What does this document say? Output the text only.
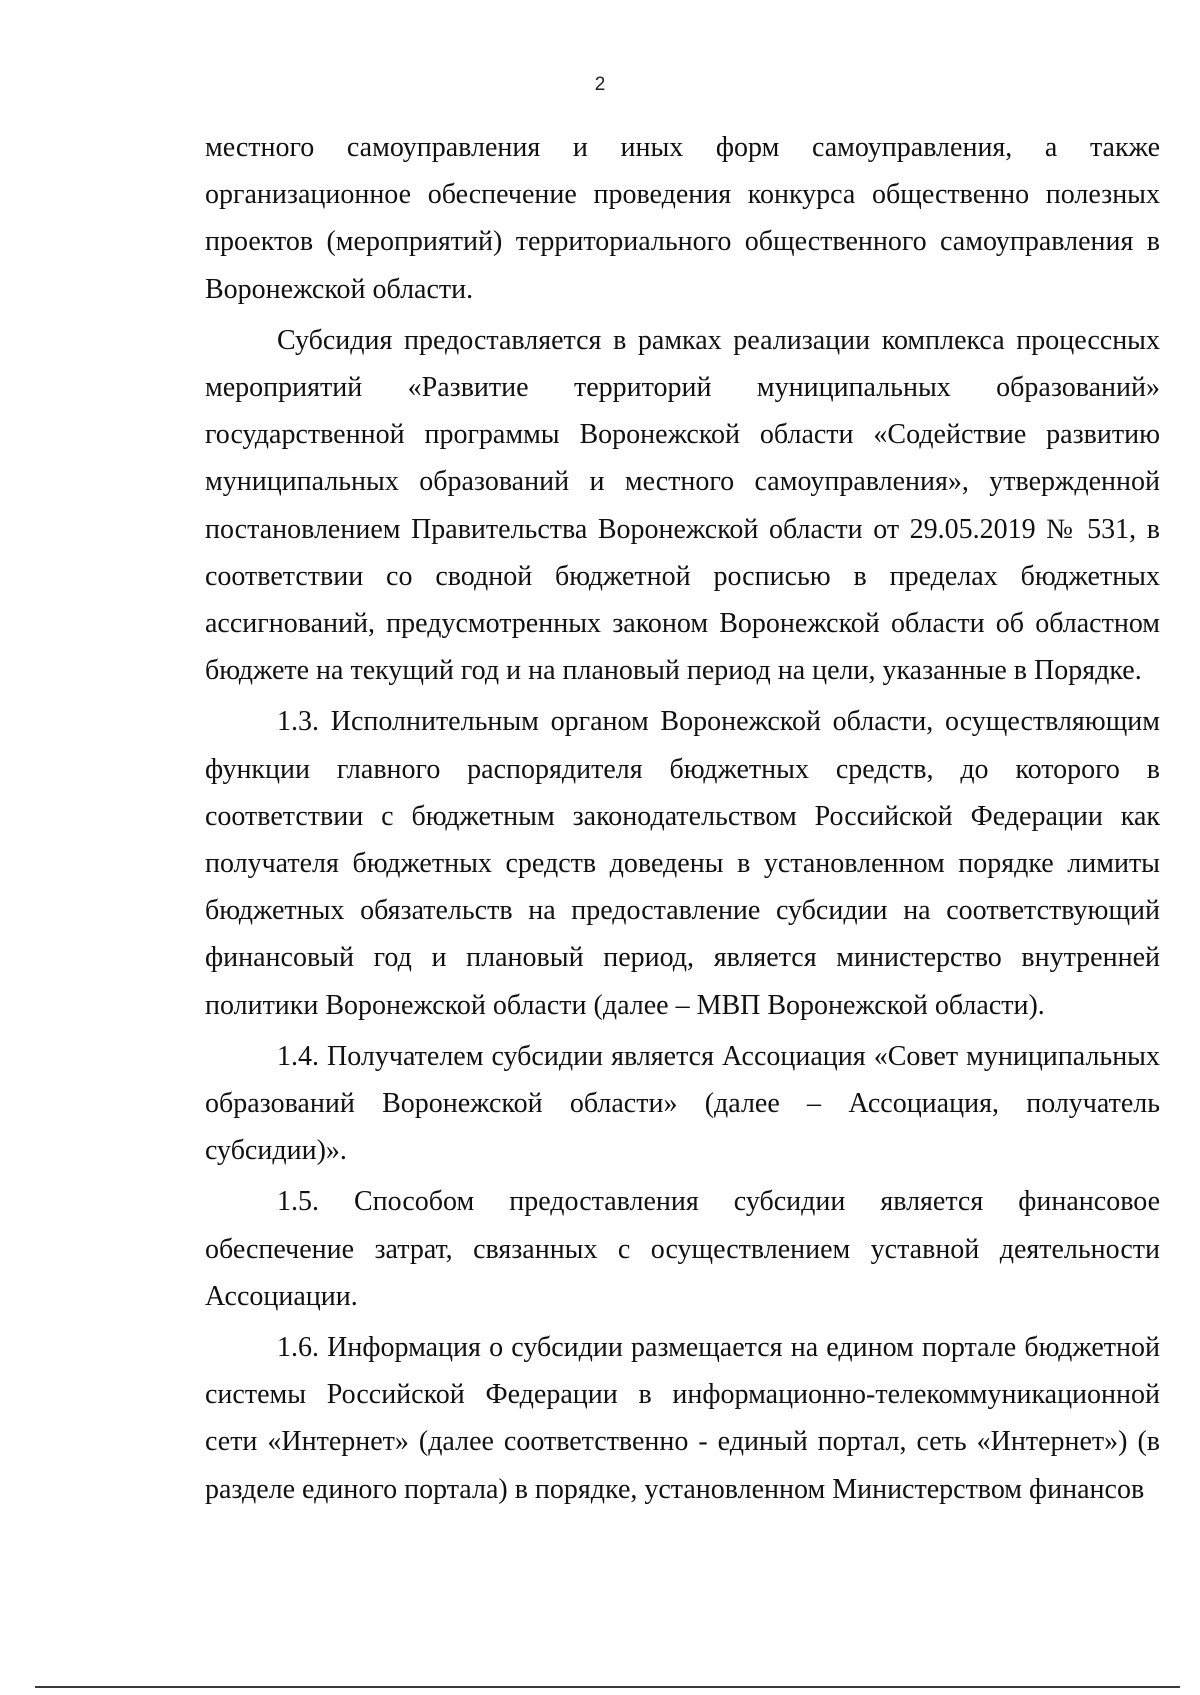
2

местного самоуправления и иных форм самоуправления, а также организационное обеспечение проведения конкурса общественно полезных проектов (мероприятий) территориального общественного самоуправления в Воронежской области.

Субсидия предоставляется в рамках реализации комплекса процессных мероприятий «Развитие территорий муниципальных образований» государственной программы Воронежской области «Содействие развитию муниципальных образований и местного самоуправления», утвержденной постановлением Правительства Воронежской области от 29.05.2019 № 531, в соответствии со сводной бюджетной росписью в пределах бюджетных ассигнований, предусмотренных законом Воронежской области об областном бюджете на текущий год и на плановый период на цели, указанные в Порядке.

1.3. Исполнительным органом Воронежской области, осуществляющим функции главного распорядителя бюджетных средств, до которого в соответствии с бюджетным законодательством Российской Федерации как получателя бюджетных средств доведены в установленном порядке лимиты бюджетных обязательств на предоставление субсидии на соответствующий финансовый год и плановый период, является министерство внутренней политики Воронежской области (далее – МВП Воронежской области).

1.4. Получателем субсидии является Ассоциация «Совет муниципальных образований Воронежской области» (далее – Ассоциация, получатель субсидии)».

1.5. Способом предоставления субсидии является финансовое обеспечение затрат, связанных с осуществлением уставной деятельности Ассоциации.

1.6. Информация о субсидии размещается на едином портале бюджетной системы Российской Федерации в информационно-телекоммуникационной сети «Интернет» (далее соответственно - единый портал, сеть «Интернет») (в разделе единого портала) в порядке, установленном Министерством финансов
